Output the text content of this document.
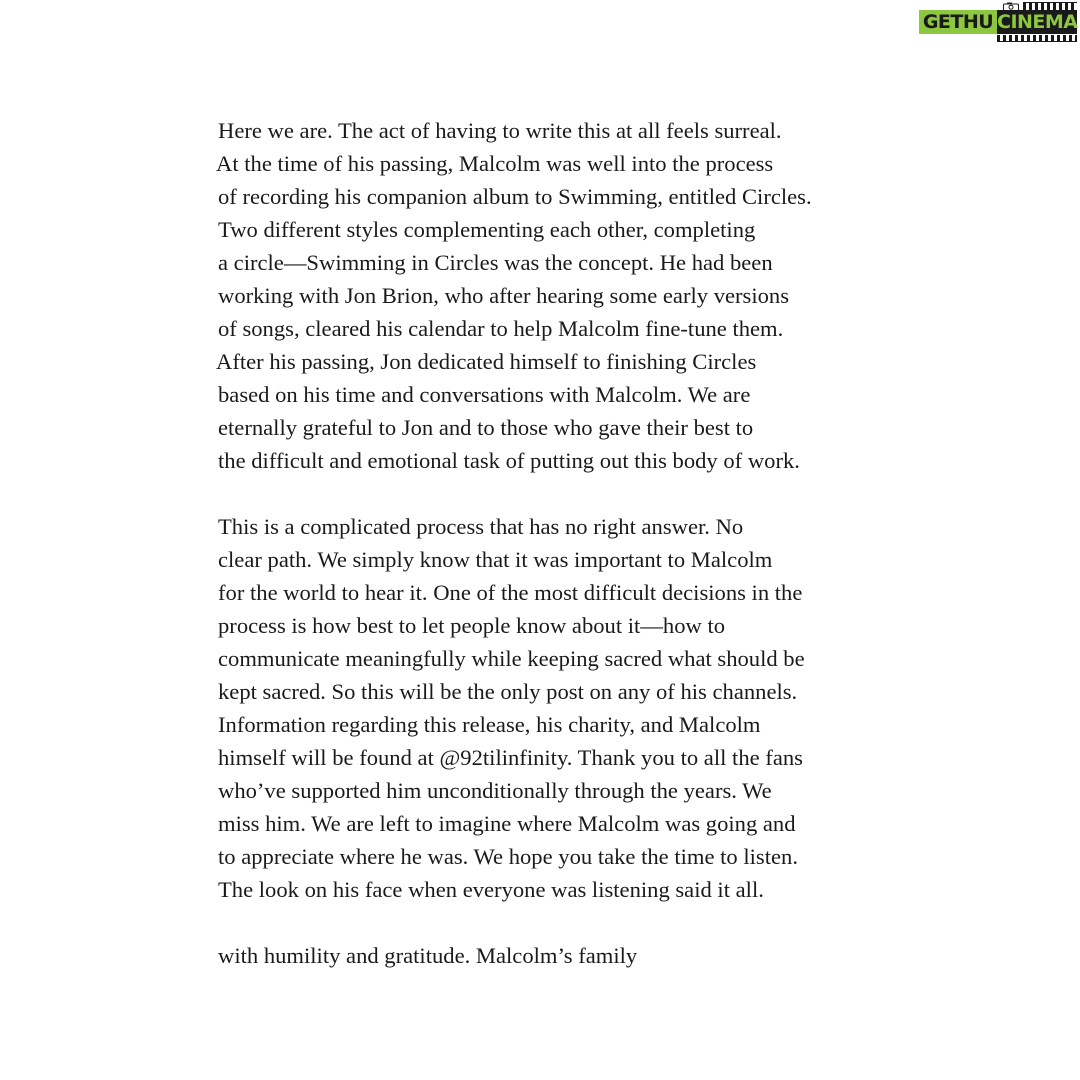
GETHU CINEMA
Here we are. The act of having to write this at all feels surreal.
At the time of his passing, Malcolm was well into the process
of recording his companion album to Swimming, entitled Circles.
Two different styles complementing each other, completing
a circle—Swimming in Circles was the concept. He had been
working with Jon Brion, who after hearing some early versions
of songs, cleared his calendar to help Malcolm fine-tune them.
After his passing, Jon dedicated himself to finishing Circles
based on his time and conversations with Malcolm. We are
eternally grateful to Jon and to those who gave their best to
the difficult and emotional task of putting out this body of work.
This is a complicated process that has no right answer. No
clear path. We simply know that it was important to Malcolm
for the world to hear it. One of the most difficult decisions in the
process is how best to let people know about it—how to
communicate meaningfully while keeping sacred what should be
kept sacred. So this will be the only post on any of his channels.
Information regarding this release, his charity, and Malcolm
himself will be found at @92tilinfinity. Thank you to all the fans
who’ve supported him unconditionally through the years. We
miss him. We are left to imagine where Malcolm was going and
to appreciate where he was. We hope you take the time to listen.
The look on his face when everyone was listening said it all.
with humility and gratitude. Malcolm’s family
